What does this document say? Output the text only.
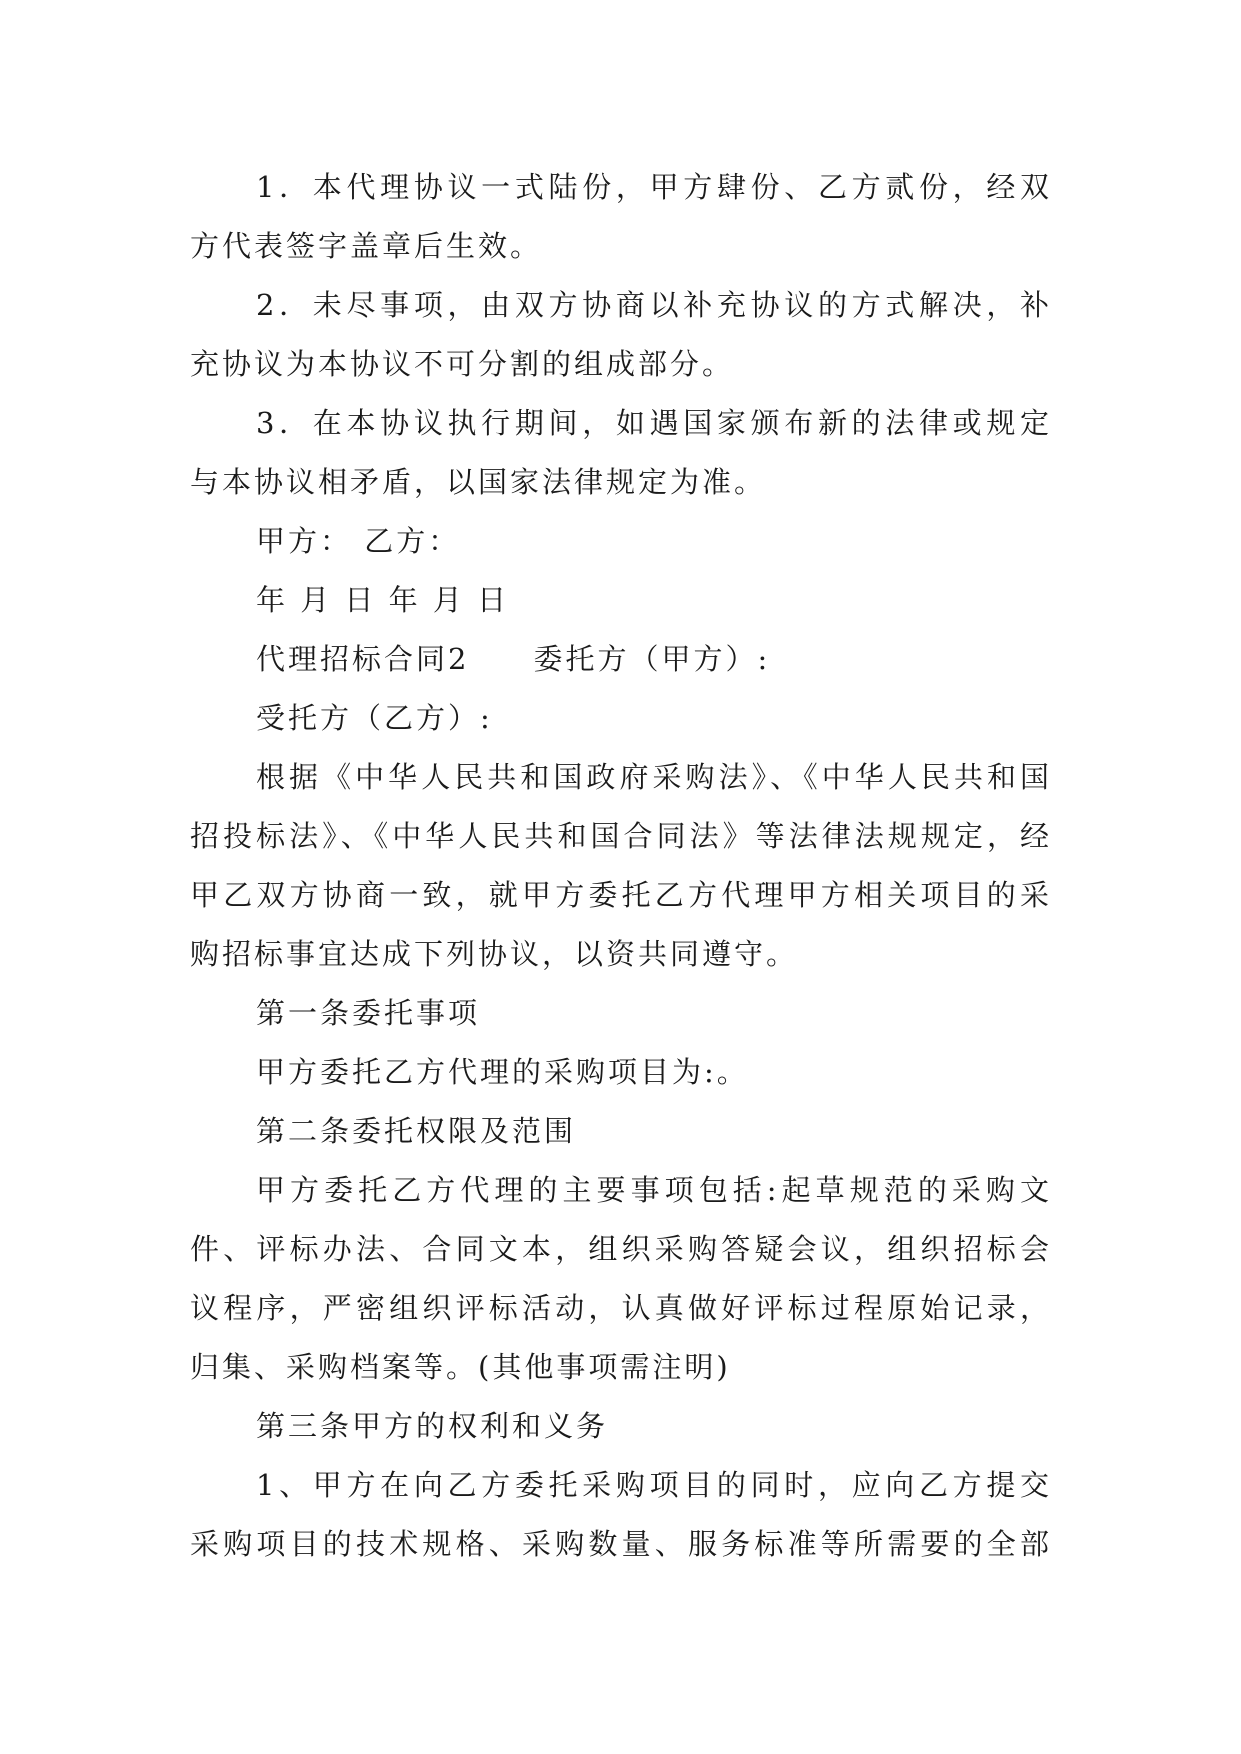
1．本代理协议一式陆份，甲方肆份、乙方贰份，经双
方代表签字盖章后生效。
2．未尽事项，由双方协商以补充协议的方式解决，补
充协议为本协议不可分割的组成部分。
3．在本协议执行期间，如遇国家颁布新的法律或规定
与本协议相矛盾，以国家法律规定为准。
甲方： 乙方：
年 月 日 年 月 日
代理招标合同2　　委托方（甲方）:
受托方（乙方）:
根据《中华人民共和国政府采购法》、《中华人民共和国
招投标法》、《中华人民共和国合同法》等法律法规规定，经
甲乙双方协商一致，就甲方委托乙方代理甲方相关项目的采
购招标事宜达成下列协议，以资共同遵守。
第一条委托事项
甲方委托乙方代理的采购项目为:。
第二条委托权限及范围
甲方委托乙方代理的主要事项包括:起草规范的采购文
件、评标办法、合同文本，组织采购答疑会议，组织招标会
议程序，严密组织评标活动，认真做好评标过程原始记录，
归集、采购档案等。(其他事项需注明)
第三条甲方的权利和义务
1、甲方在向乙方委托采购项目的同时，应向乙方提交
采购项目的技术规格、采购数量、服务标准等所需要的全部
